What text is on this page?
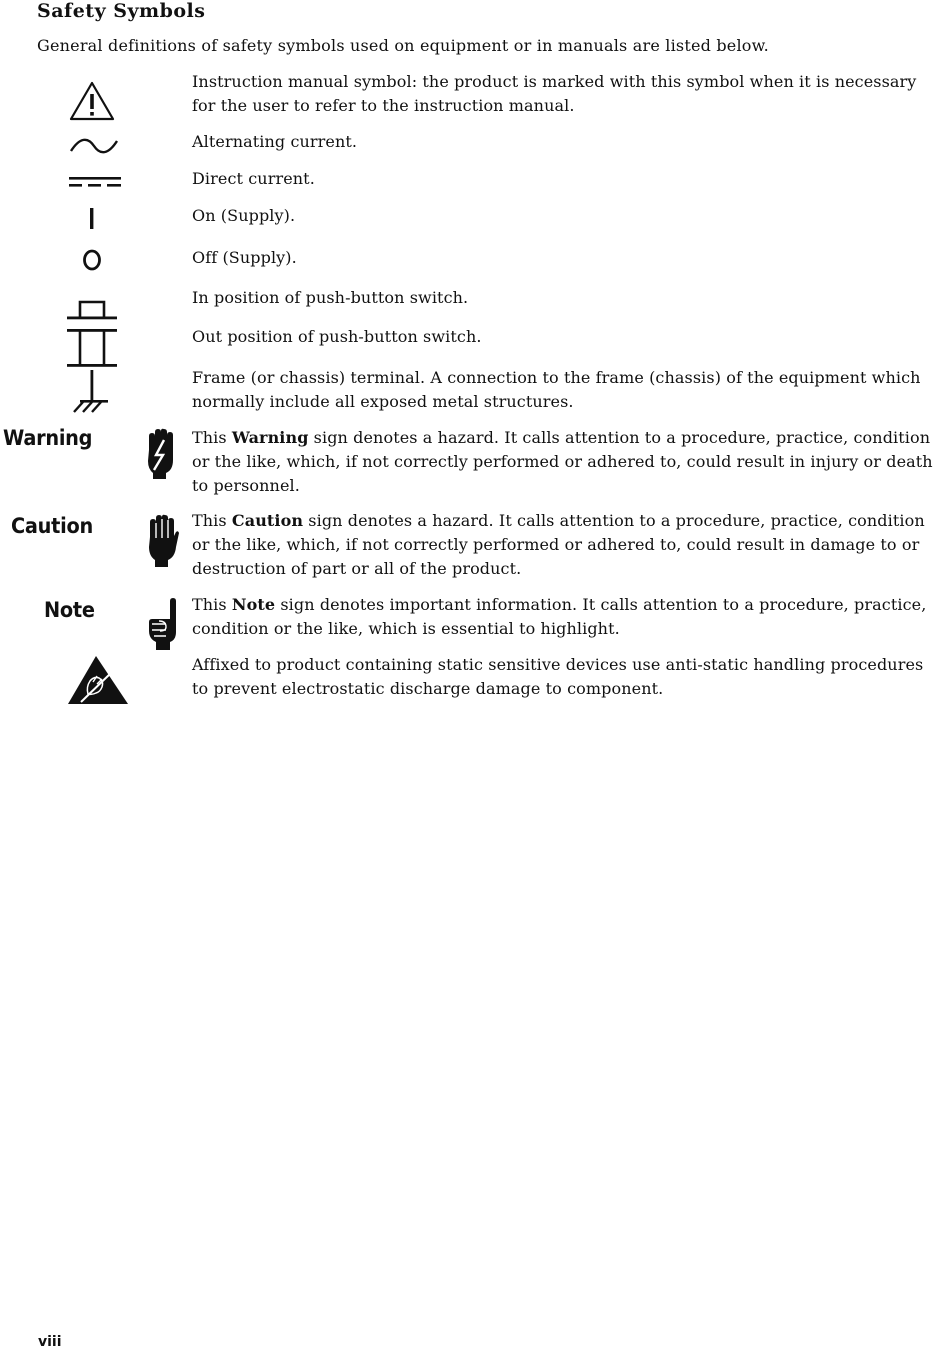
Safety Symbols
General definitions of safety symbols used on equipment or in manuals are listed below.
Instruction manual symbol: the product is marked with this symbol when it is necessary for the user to refer to the instruction manual.
Alternating current.
Direct current.
On (Supply).
Off (Supply).
In position of push-button switch.
Out position of push-button switch.
Frame (or chassis) terminal. A connection to the frame (chassis) of the equipment which normally include all exposed metal structures.
Warning	This Warning sign denotes a hazard. It calls attention to a procedure, practice, condition or the like, which, if not correctly performed or adhered to, could result in injury or death to personnel.
Caution	This Caution sign denotes a hazard. It calls attention to a procedure, practice, condition or the like, which, if not correctly performed or adhered to, could result in damage to or destruction of part or all of the product.
Note	This Note sign denotes important information. It calls attention to a procedure, practice, condition or the like, which is essential to highlight.
Affixed to product containing static sensitive devices use anti-static handling procedures to prevent electrostatic discharge damage to component.
viii
